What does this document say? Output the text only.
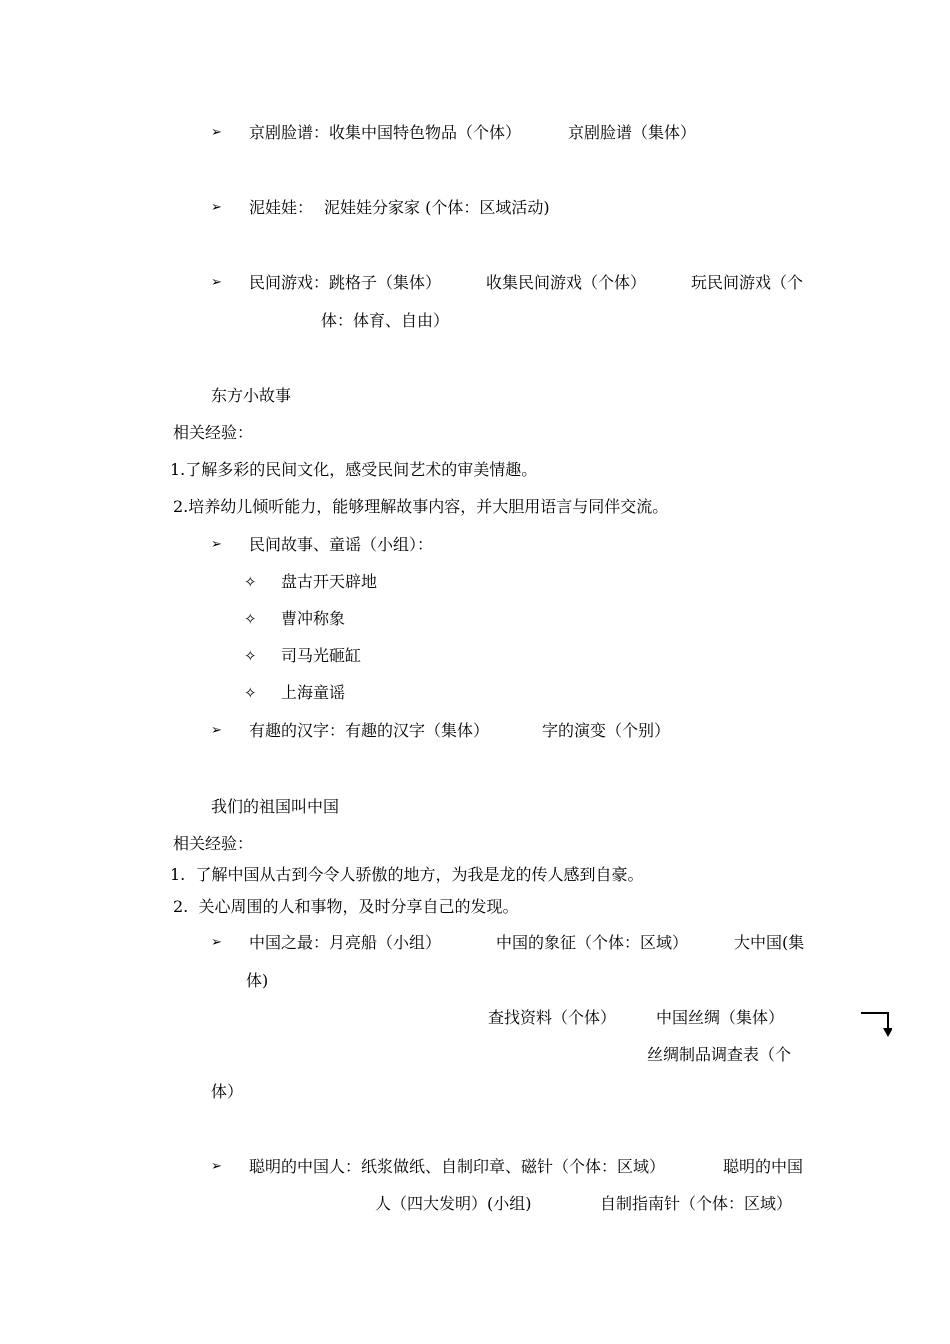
➢ 京剧脸谱：收集中国特色物品（个体）	京剧脸谱（集体）
➢ 泥娃娃： 泥娃娃分家家 (个体：区域活动)
➢ 民间游戏：跳格子（集体）	收集民间游戏（个体）	玩民间游戏（个
体：体育、自由）
东方小故事
相关经验：
1.了解多彩的民间文化，感受民间艺术的审美情趣。
2.培养幼儿倾听能力，能够理解故事内容，并大胆用语言与同伴交流。
➢ 民间故事、童谣（小组）：
✧ 盘古开天辟地
✧ 曹冲称象
✧ 司马光砸缸
✧ 上海童谣
➢ 有趣的汉字：有趣的汉字（集体）	字的演变（个别）
我们的祖国叫中国
相关经验：
1.  了解中国从古到今令人骄傲的地方，为我是龙的传人感到自豪。
2.  关心周围的人和事物，及时分享自己的发现。
➢ 中国之最：月亮船（小组）	中国的象征（个体：区域）	大中国(集
体)
查找资料（个体） 中国丝绸（集体）
丝绸制品调查表（个
体）
➢ 聪明的中国人：纸浆做纸、自制印章、磁针（个体：区域）	聪明的中国
人（四大发明）(小组)	自制指南针（个体：区域）
